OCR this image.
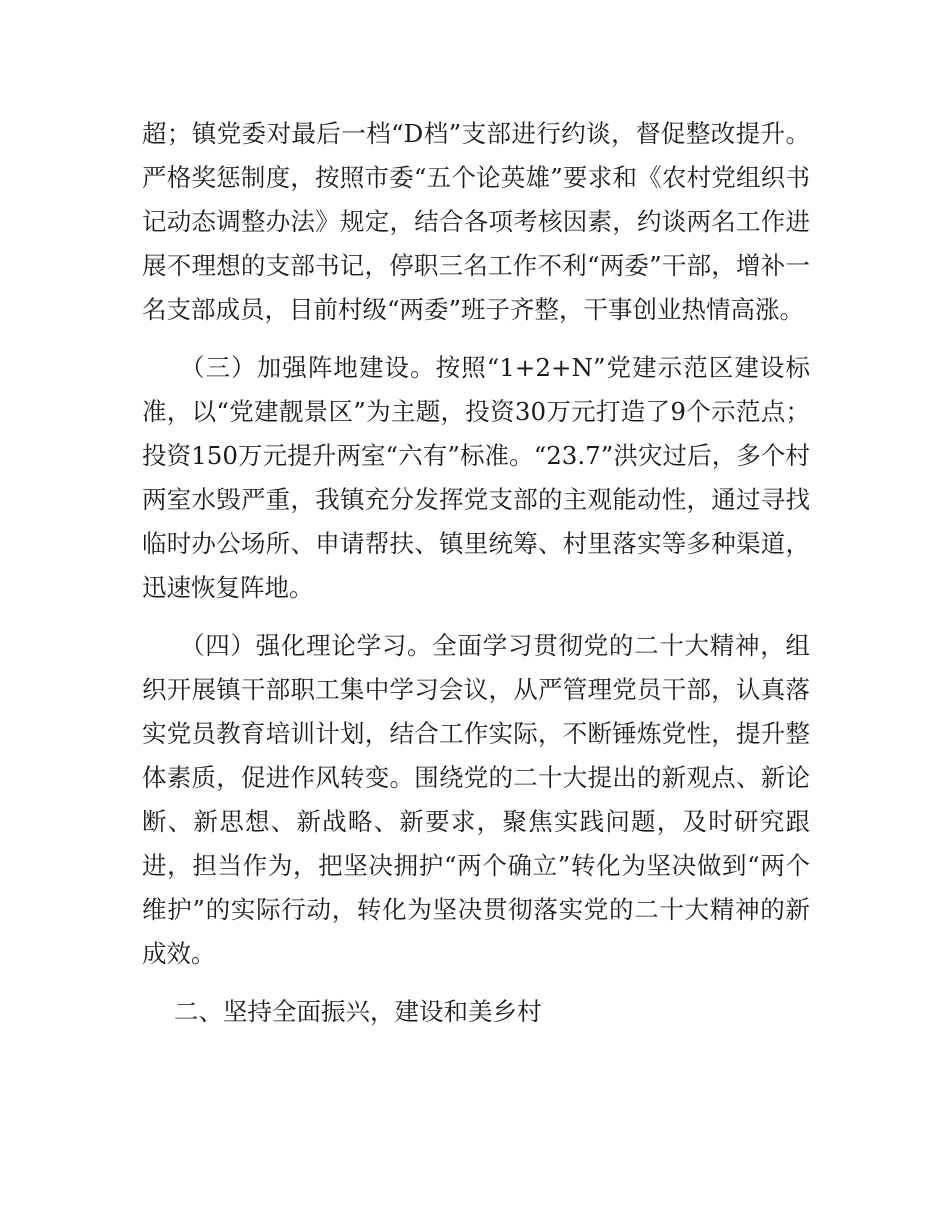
超；镇党委对最后一档“D档”支部进行约谈，督促整改提升。严格奖惩制度，按照市委“五个论英雄”要求和《农村党组织书记动态调整办法》规定，结合各项考核因素，约谈两名工作进展不理想的支部书记，停职三名工作不利“两委”干部，增补一名支部成员，目前村级“两委”班子齐整，干事创业热情高涨。

（三）加强阵地建设。按照“1+2+N”党建示范区建设标准，以“党建靓景区”为主题，投资30万元打造了9个示范点；投资150万元提升两室“六有”标准。“23.7”洪灾过后，多个村两室水毁严重，我镇充分发挥党支部的主观能动性，通过寻找临时办公场所、申请帮扶、镇里统筹、村里落实等多种渠道，迅速恢复阵地。

（四）强化理论学习。全面学习贯彻党的二十大精神，组织开展镇干部职工集中学习会议，从严管理党员干部，认真落实党员教育培训计划，结合工作实际，不断锤炼党性，提升整体素质，促进作风转变。围绕党的二十大提出的新观点、新论断、新思想、新战略、新要求，聚焦实践问题，及时研究跟进，担当作为，把坚决拥护“两个确立”转化为坚决做到“两个维护”的实际行动，转化为坚决贯彻落实党的二十大精神的新成效。

二、坚持全面振兴，建设和美乡村
